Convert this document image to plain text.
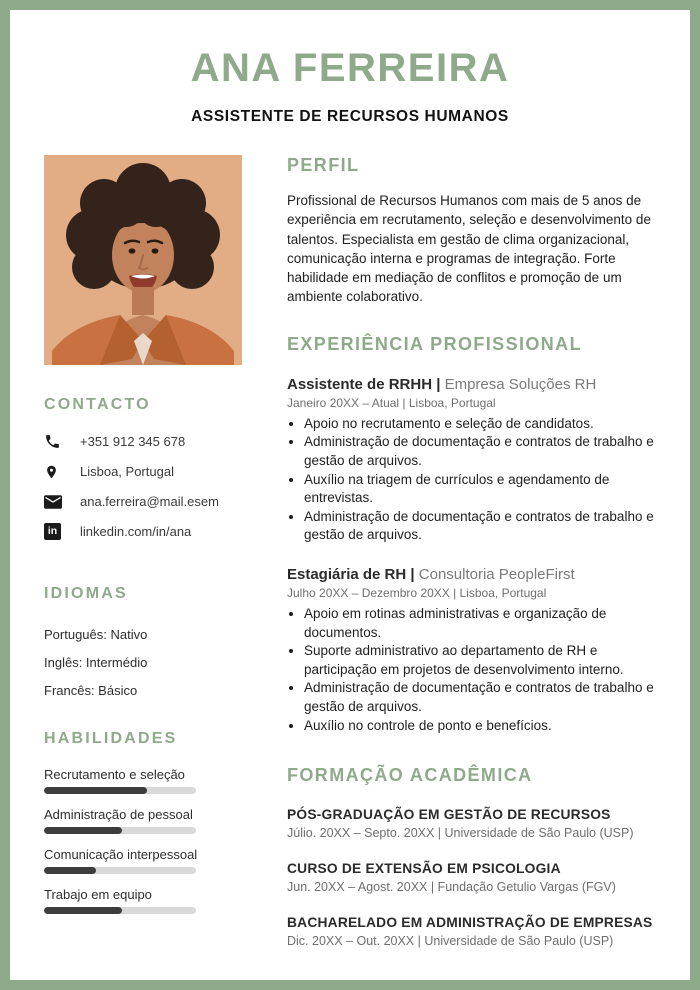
ANA FERREIRA
ASSISTENTE DE RECURSOS HUMANOS
CONTACTO
+351 912 345 678
Lisboa, Portugal
ana.ferreira@mail.esem
in linkedin.com/in/ana
IDIOMAS
Português: Nativo
Inglês: Intermédio
Francês: Básico
HABILIDADES
Recrutamento e seleção
Administração de pessoal
Comunicação interpessoal
Trabajo em equipo
PERFIL
Profissional de Recursos Humanos com mais de 5 anos de experiência em recrutamento, seleção e desenvolvimento de talentos. Especialista em gestão de clima organizacional, comunicação interna e programas de integração. Forte habilidade em mediação de conflitos e promoção de um ambiente colaborativo.
EXPERIÊNCIA PROFISSIONAL
Assistente de RRHH | Empresa Soluções RH
Janeiro 20XX – Atual | Lisboa, Portugal
• Apoio no recrutamento e seleção de candidatos.
• Administração de documentação e contratos de trabalho e gestão de arquivos.
• Auxílio na triagem de currículos e agendamento de entrevistas.
• Administração de documentação e contratos de trabalho e gestão de arquivos.
Estagiária de RH | Consultoria PeopleFirst
Julho 20XX – Dezembro 20XX | Lisboa, Portugal
• Apoio em rotinas administrativas e organização de documentos.
• Suporte administrativo ao departamento de RH e participação em projetos de desenvolvimento interno.
• Administração de documentação e contratos de trabalho e gestão de arquivos.
• Auxílio no controle de ponto e benefícios.
FORMAÇÃO ACADÊMICA
PÓS-GRADUAÇÃO EM GESTÃO DE RECURSOS
Júlio. 20XX – Septo. 20XX | Universidade de São Paulo (USP)
CURSO DE EXTENSÃO EM PSICOLOGIA
Jun. 20XX – Agost. 20XX | Fundação Getulio Vargas (FGV)
BACHARELADO EM ADMINISTRAÇÃO DE EMPRESAS
Dic. 20XX – Out. 20XX | Universidade de São Paulo (USP)
